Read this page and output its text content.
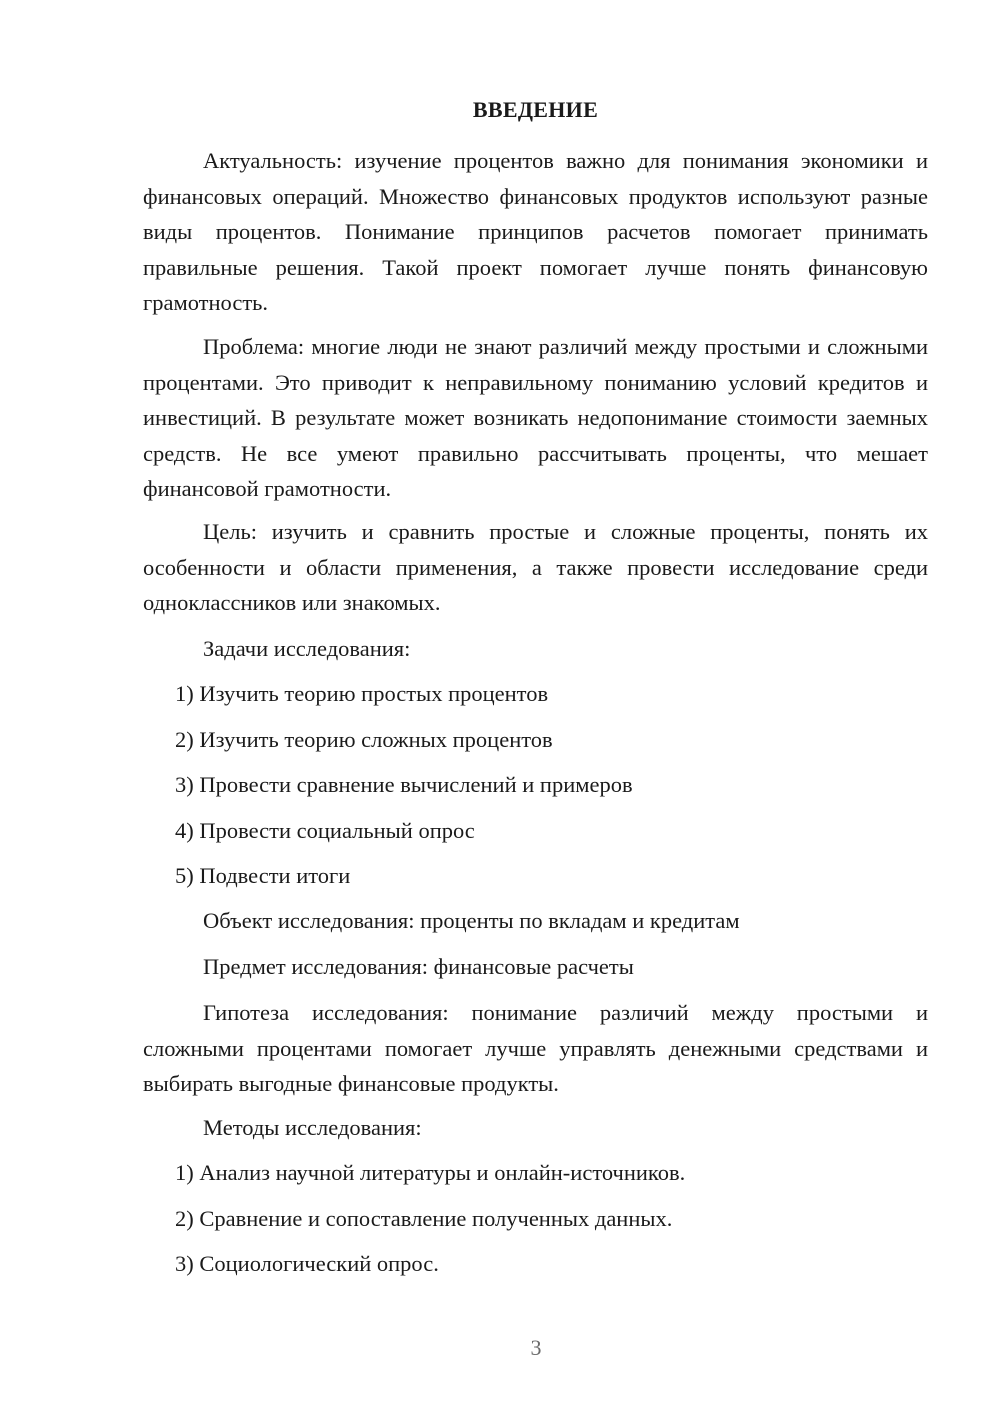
ВВЕДЕНИЕ

Актуальность: изучение процентов важно для понимания экономики и финансовых операций. Множество финансовых продуктов используют разные виды процентов. Понимание принципов расчетов помогает принимать правильные решения. Такой проект помогает лучше понять финансовую грамотность.

Проблема: многие люди не знают различий между простыми и сложными процентами. Это приводит к неправильному пониманию условий кредитов и инвестиций. В результате может возникать недопонимание стоимости заемных средств. Не все умеют правильно рассчитывать проценты, что мешает финансовой грамотности.

Цель: изучить и сравнить простые и сложные проценты, понять их особенности и области применения, а также провести исследование среди одноклассников или знакомых.

Задачи исследования:

1) Изучить теорию простых процентов

2) Изучить теорию сложных процентов

3) Провести сравнение вычислений и примеров

4) Провести социальный опрос

5) Подвести итоги

Объект исследования: проценты по вкладам и кредитам

Предмет исследования: финансовые расчеты

Гипотеза исследования: понимание различий между простыми и сложными процентами помогает лучше управлять денежными средствами и выбирать выгодные финансовые продукты.

Методы исследования:

1) Анализ научной литературы и онлайн-источников.

2) Сравнение и сопоставление полученных данных.

3) Социологический опрос.

3
